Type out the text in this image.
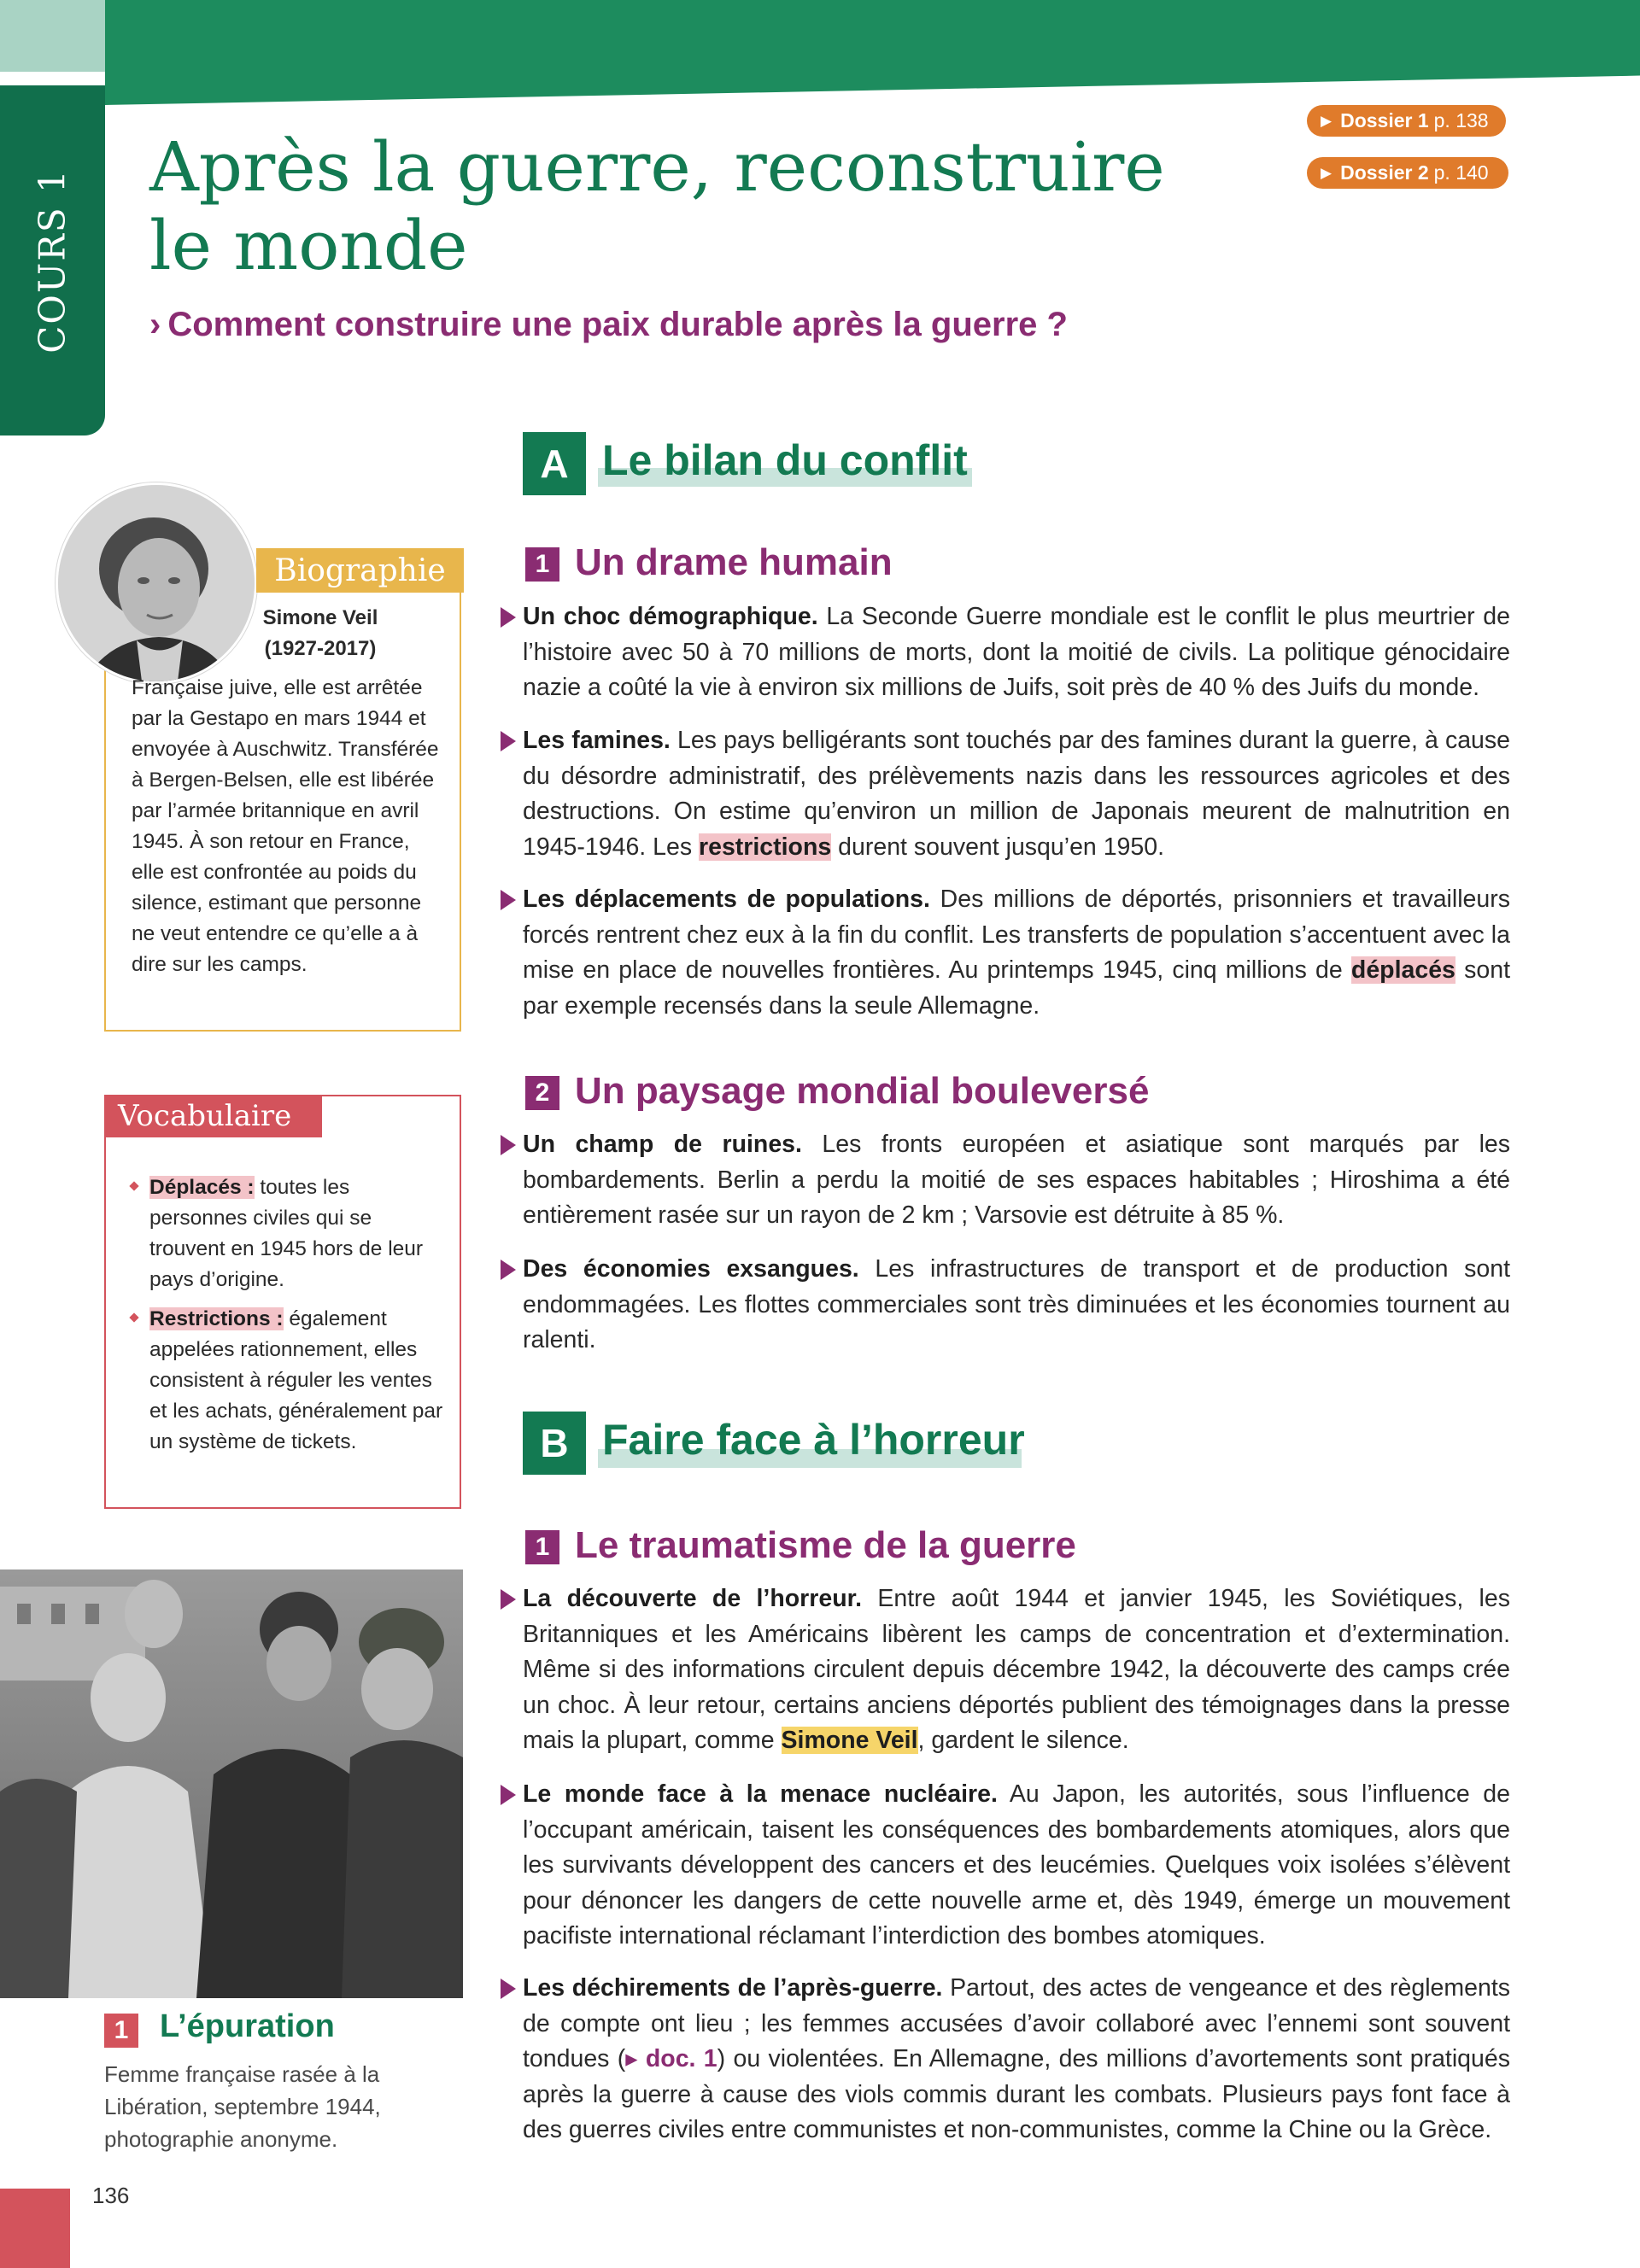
COURS 1
Après la guerre, reconstruire le monde
› Comment construire une paix durable après la guerre ?
▶ Dossier 1 p. 138
▶ Dossier 2 p. 140
A Le bilan du conflit
1 Un drame humain
Un choc démographique. La Seconde Guerre mondiale est le conflit le plus meurtrier de l’histoire avec 50 à 70 millions de morts, dont la moitié de civils. La politique génocidaire nazie a coûté la vie à environ six millions de Juifs, soit près de 40 % des Juifs du monde.
Les famines. Les pays belligérants sont touchés par des famines durant la guerre, à cause du désordre administratif, des prélèvements nazis dans les ressources agricoles et des destructions. On estime qu’environ un million de Japonais meurent de malnutrition en 1945-1946. Les restrictions durent souvent jusqu’en 1950.
Les déplacements de populations. Des millions de déportés, prisonniers et travailleurs forcés rentrent chez eux à la fin du conflit. Les transferts de population s’accentuent avec la mise en place de nouvelles frontières. Au printemps 1945, cinq millions de déplacés sont par exemple recensés dans la seule Allemagne.
2 Un paysage mondial bouleversé
Un champ de ruines. Les fronts européen et asiatique sont marqués par les bombardements. Berlin a perdu la moitié de ses espaces habitables ; Hiroshima a été entièrement rasée sur un rayon de 2 km ; Varsovie est détruite à 85 %.
Des économies exsangues. Les infrastructures de transport et de production sont endommagées. Les flottes commerciales sont très diminuées et les économies tournent au ralenti.
B Faire face à l’horreur
1 Le traumatisme de la guerre
La découverte de l’horreur. Entre août 1944 et janvier 1945, les Soviétiques, les Britanniques et les Américains libèrent les camps de concentration et d’extermination. Même si des informations circulent depuis décembre 1942, la découverte des camps crée un choc. À leur retour, certains anciens déportés publient des témoignages dans la presse mais la plupart, comme Simone Veil, gardent le silence.
Le monde face à la menace nucléaire. Au Japon, les autorités, sous l’influence de l’occupant américain, taisent les conséquences des bombardements atomiques, alors que les survivants développent des cancers et des leucémies. Quelques voix isolées s’élèvent pour dénoncer les dangers de cette nouvelle arme et, dès 1949, émerge un mouvement pacifiste international réclamant l’interdiction des bombes atomiques.
Les déchirements de l’après-guerre. Partout, des actes de vengeance et des règlements de compte ont lieu ; les femmes accusées d’avoir collaboré avec l’ennemi sont souvent tondues (▸ doc. 1) ou violentées. En Allemagne, des millions d’avortements sont pratiqués après la guerre à cause des viols commis durant les combats. Plusieurs pays font face à des guerres civiles entre communistes et non-communistes, comme la Chine ou la Grèce.
Biographie
Simone Veil
(1927-2017)
Française juive, elle est arrêtée par la Gestapo en mars 1944 et envoyée à Auschwitz. Transférée à Bergen-Belsen, elle est libérée par l’armée britannique en avril 1945. À son retour en France, elle est confrontée au poids du silence, estimant que personne ne veut entendre ce qu’elle a à dire sur les camps.
Vocabulaire
Déplacés : toutes les personnes civiles qui se trouvent en 1945 hors de leur pays d’origine.
Restrictions : également appelées rationnement, elles consistent à réguler les ventes et les achats, généralement par un système de tickets.
1 L’épuration
Femme française rasée à la Libération, septembre 1944, photographie anonyme.
136
